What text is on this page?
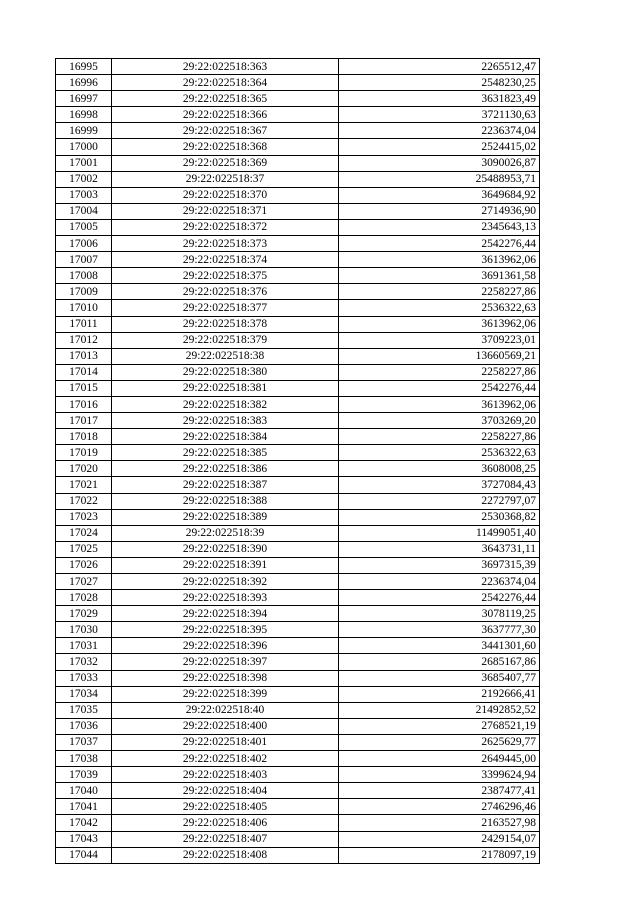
16995	29:22:022518:363	2265512,47
16996	29:22:022518:364	2548230,25
16997	29:22:022518:365	3631823,49
16998	29:22:022518:366	3721130,63
16999	29:22:022518:367	2236374,04
17000	29:22:022518:368	2524415,02
17001	29:22:022518:369	3090026,87
17002	29:22:022518:37	25488953,71
17003	29:22:022518:370	3649684,92
17004	29:22:022518:371	2714936,90
17005	29:22:022518:372	2345643,13
17006	29:22:022518:373	2542276,44
17007	29:22:022518:374	3613962,06
17008	29:22:022518:375	3691361,58
17009	29:22:022518:376	2258227,86
17010	29:22:022518:377	2536322,63
17011	29:22:022518:378	3613962,06
17012	29:22:022518:379	3709223,01
17013	29:22:022518:38	13660569,21
17014	29:22:022518:380	2258227,86
17015	29:22:022518:381	2542276,44
17016	29:22:022518:382	3613962,06
17017	29:22:022518:383	3703269,20
17018	29:22:022518:384	2258227,86
17019	29:22:022518:385	2536322,63
17020	29:22:022518:386	3608008,25
17021	29:22:022518:387	3727084,43
17022	29:22:022518:388	2272797,07
17023	29:22:022518:389	2530368,82
17024	29:22:022518:39	11499051,40
17025	29:22:022518:390	3643731,11
17026	29:22:022518:391	3697315,39
17027	29:22:022518:392	2236374,04
17028	29:22:022518:393	2542276,44
17029	29:22:022518:394	3078119,25
17030	29:22:022518:395	3637777,30
17031	29:22:022518:396	3441301,60
17032	29:22:022518:397	2685167,86
17033	29:22:022518:398	3685407,77
17034	29:22:022518:399	2192666,41
17035	29:22:022518:40	21492852,52
17036	29:22:022518:400	2768521,19
17037	29:22:022518:401	2625629,77
17038	29:22:022518:402	2649445,00
17039	29:22:022518:403	3399624,94
17040	29:22:022518:404	2387477,41
17041	29:22:022518:405	2746296,46
17042	29:22:022518:406	2163527,98
17043	29:22:022518:407	2429154,07
17044	29:22:022518:408	2178097,19
